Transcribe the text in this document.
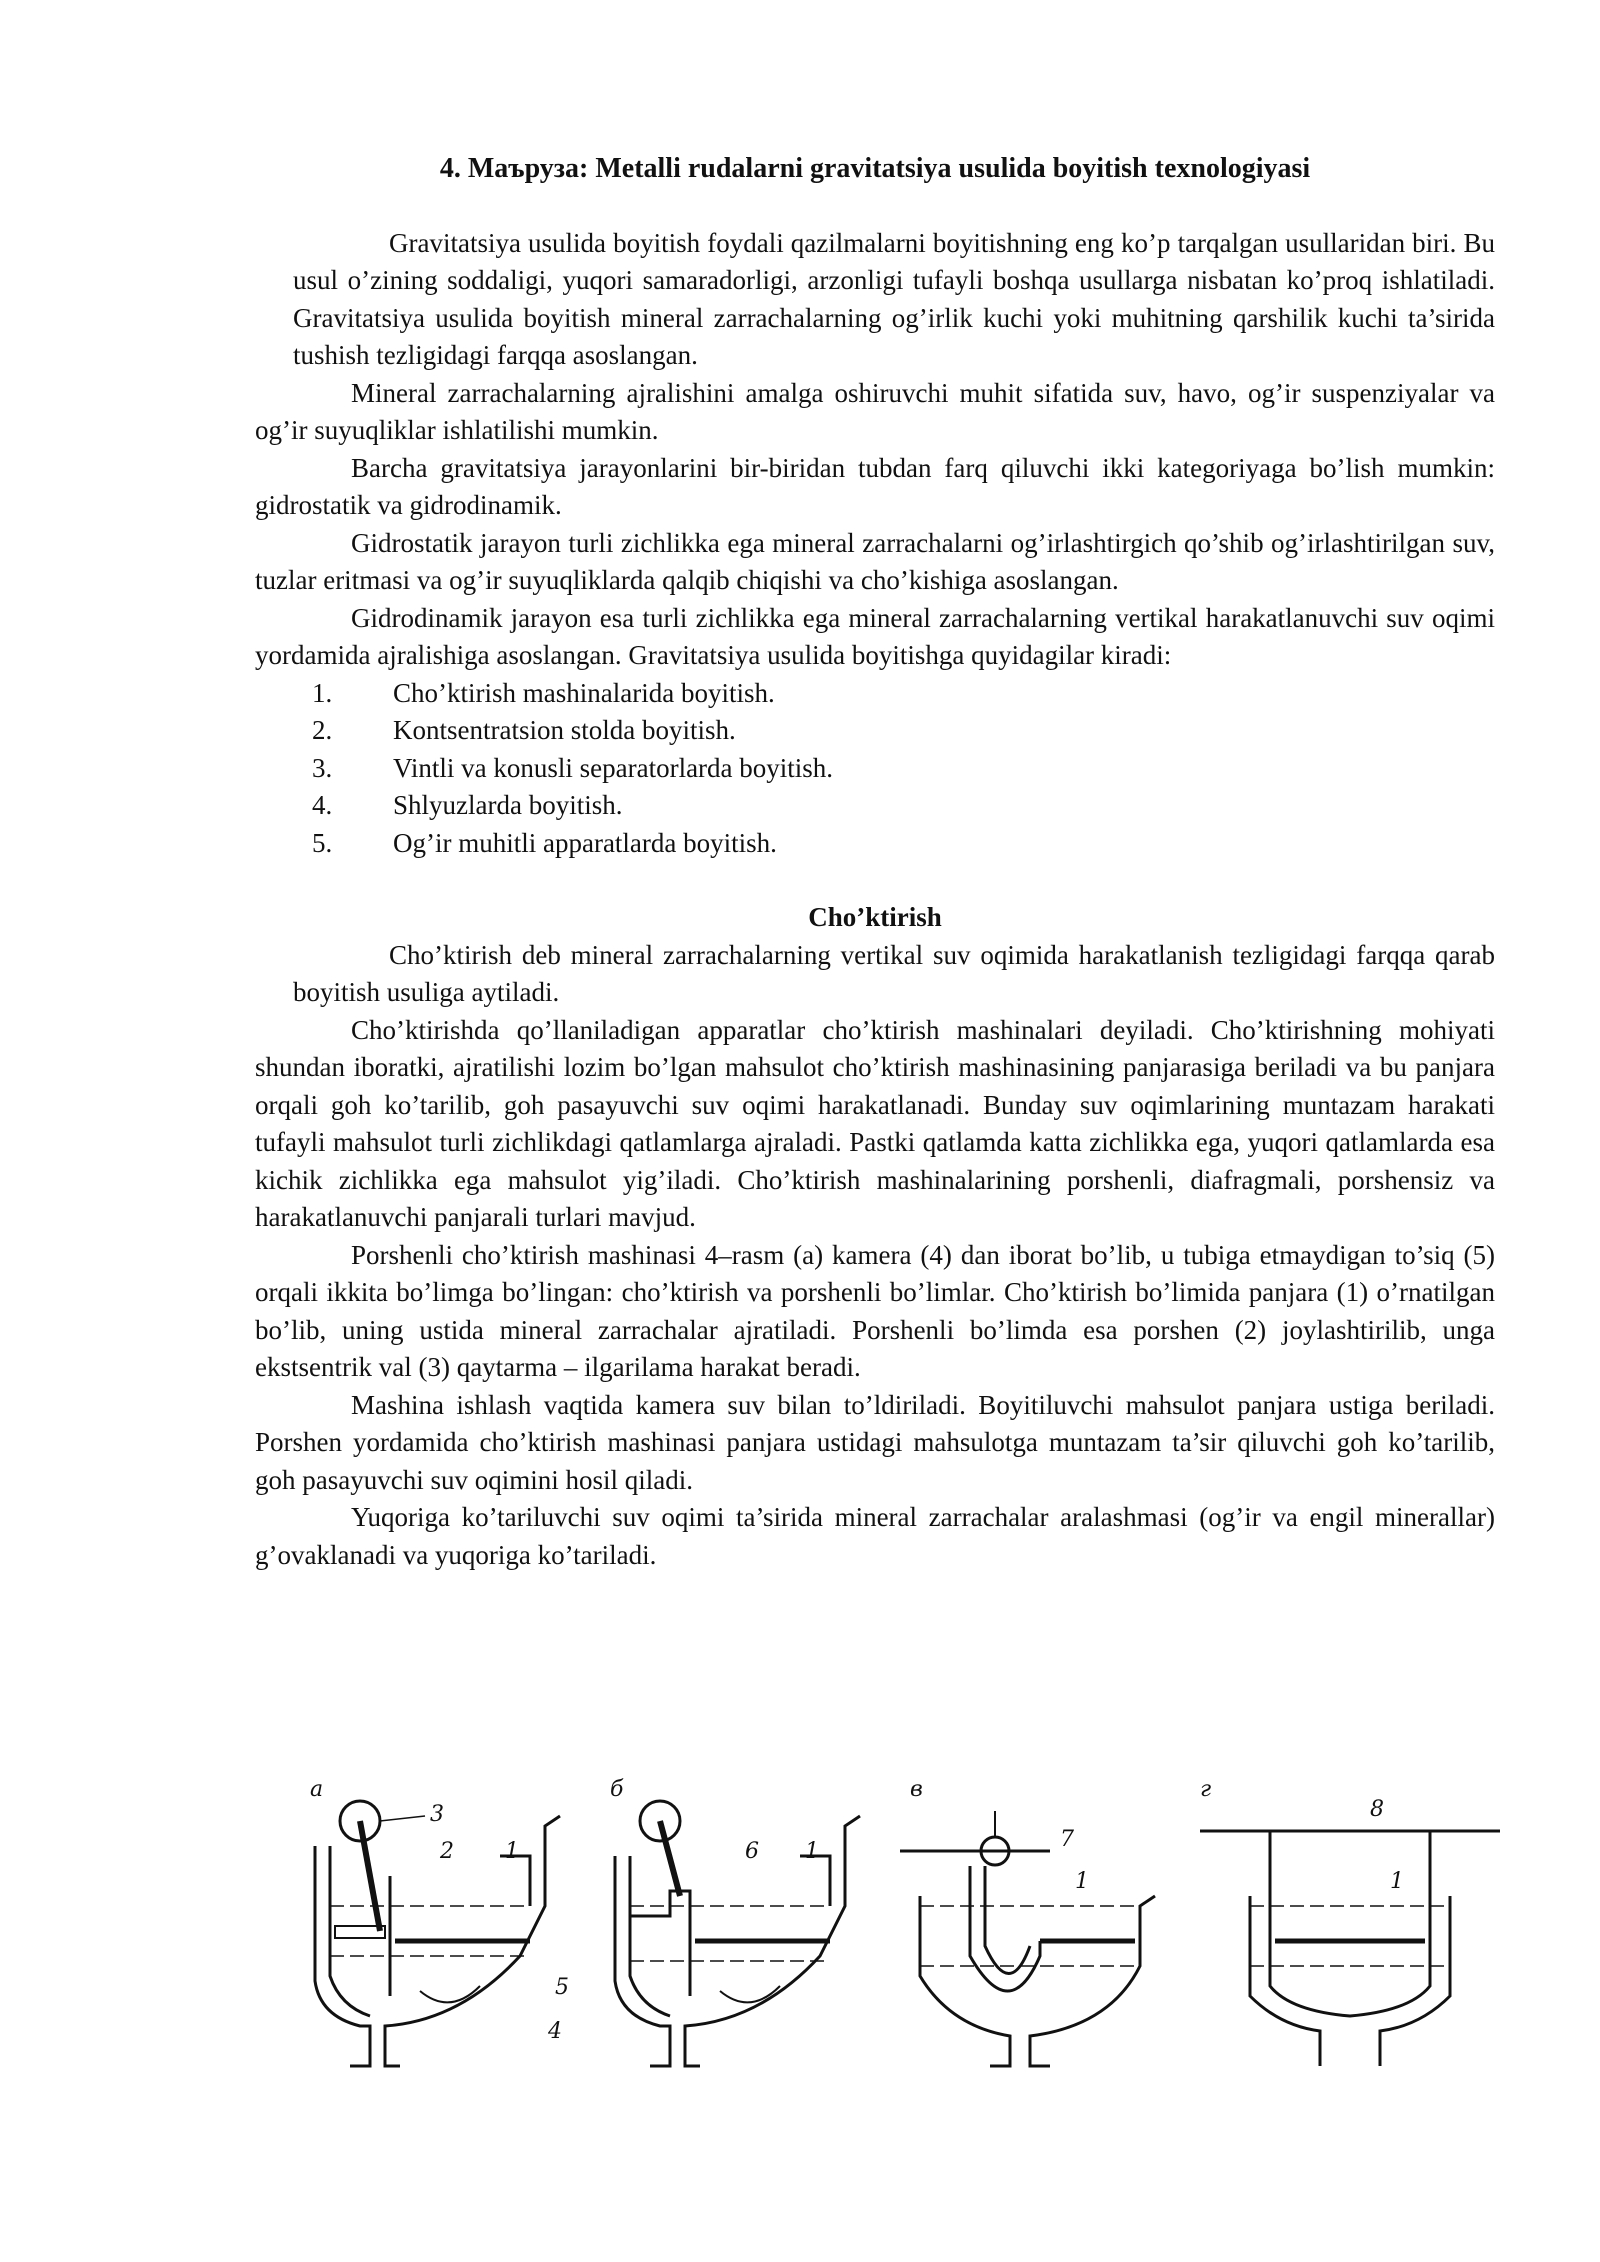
4. Маъруза: Metalli rudalarni gravitatsiya usulida boyitish texnologiyasi

Gravitatsiya usulida boyitish foydali qazilmalarni boyitishning eng ko’p tarqalgan usullaridan biri. Bu usul o’zining soddaligi, yuqori samaradorligi, arzonligi tufayli boshqa usullarga nisbatan ko’proq ishlatiladi. Gravitatsiya usulida boyitish mineral zarrachalarning og’irlik kuchi yoki muhitning qarshilik kuchi ta’sirida tushish tezligidagi farqqa asoslangan.

Mineral zarrachalarning ajralishini amalga oshiruvchi muhit sifatida suv, havo, og’ir suspenziyalar va og’ir suyuqliklar ishlatilishi mumkin.

Barcha gravitatsiya jarayonlarini bir-biridan tubdan farq qiluvchi ikki kategoriyaga bo’lish mumkin: gidrostatik va gidrodinamik.

Gidrostatik jarayon turli zichlikka ega mineral zarrachalarni og’irlashtirgich qo’shib og’irlashtirilgan suv, tuzlar eritmasi va og’ir suyuqliklarda qalqib chiqishi va cho’kishiga asoslangan.

Gidrodinamik jarayon esa turli zichlikka ega mineral zarrachalarning vertikal harakatlanuvchi suv oqimi yordamida ajralishiga asoslangan. Gravitatsiya usulida boyitishga quyidagilar kiradi:

1. Cho’ktirish mashinalarida boyitish.
2. Kontsentratsion stolda boyitish.
3. Vintli va konusli separatorlarda boyitish.
4. Shlyuzlarda boyitish.
5. Og’ir muhitli apparatlarda boyitish.
Cho’ktirish

Cho’ktirish deb mineral zarrachalarning vertikal suv oqimida harakatlanish tezligidagi farqqa qarab boyitish usuliga aytiladi.

Cho’ktirishda qo’llaniladigan apparatlar cho’ktirish mashinalari deyiladi. Cho’ktirishning mohiyati shundan iboratki, ajratilishi lozim bo’lgan mahsulot cho’ktirish mashinasining panjarasiga beriladi va bu panjara orqali goh ko’tarilib, goh pasayuvchi suv oqimi harakatlanadi. Bunday suv oqimlarining muntazam harakati tufayli mahsulot turli zichlikdagi qatlamlarga ajraladi. Pastki qatlamda katta zichlikka ega, yuqori qatlamlarda esa kichik zichlikka ega mahsulot yig’iladi. Cho’ktirish mashinalarining porshenli, diafragmali, porshensiz va harakatlanuvchi panjarali turlari mavjud.

Porshenli cho’ktirish mashinasi 4–rasm (a) kamera (4) dan iborat bo’lib, u tubiga etmaydigan to’siq (5) orqali ikkita bo’limga bo’lingan: cho’ktirish va porshenli bo’limlar. Cho’ktirish bo’limida panjara (1) o’rnatilgan bo’lib, uning ustida mineral zarrachalar ajratiladi. Porshenli bo’limda esa porshen (2) joylashtirilib, unga ekstsentrik val (3) qaytarma – ilgarilama harakat beradi.

Mashina ishlash vaqtida kamera suv bilan to’ldiriladi. Boyitiluvchi mahsulot panjara ustiga beriladi. Porshen yordamida cho’ktirish mashinasi panjara ustidagi mahsulotga muntazam ta’sir qiluvchi goh ko’tarilib, goh pasayuvchi suv oqimini hosil qiladi.

Yuqoriga ko’tariluvchi suv oqimi ta’sirida mineral zarrachalar aralashmasi (og’ir va engil minerallar) g’ovaklanadi va yuqoriga ko’tariladi.

а
3
2 1
5
4
б
6 1
в
7
1
г
8
1
